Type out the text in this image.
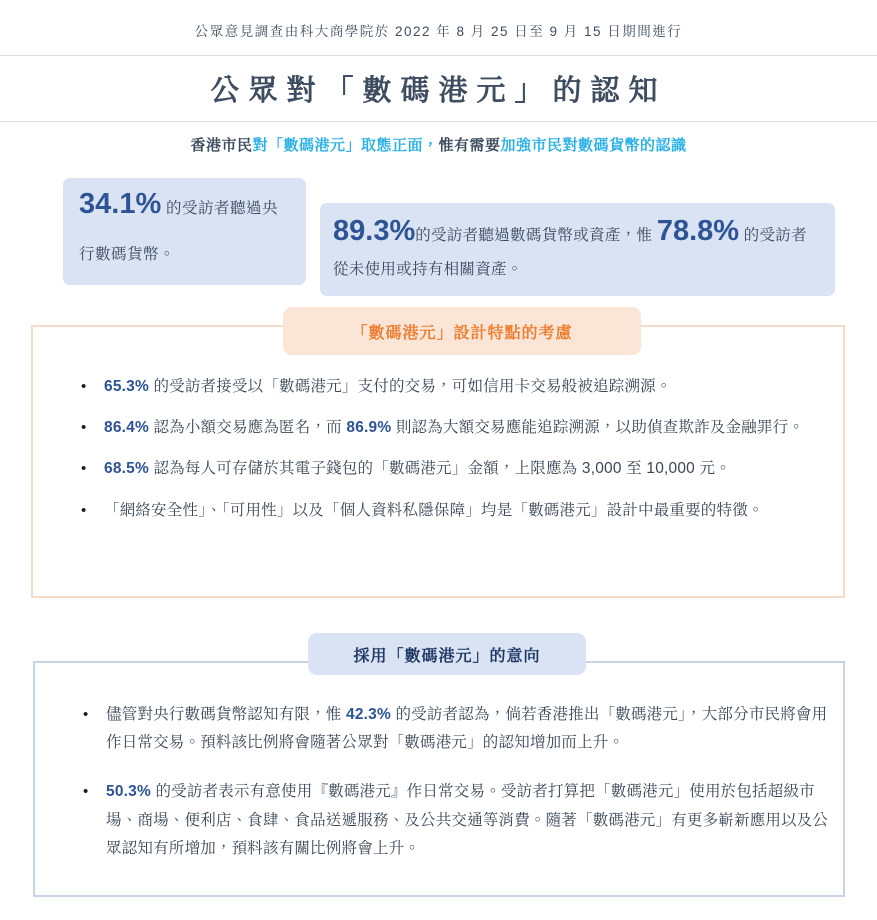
公眾意見調查由科大商學院於 2022 年 8 月 25 日至 9 月 15 日期間進行
公眾對「數碼港元」的認知
香港市民對「數碼港元」取態正面，惟有需要加強市民對數碼貨幣的認識

34.1% 的受訪者聽過央行數碼貨幣。

89.3%的受訪者聽過數碼貨幣或資產，惟 78.8% 的受訪者從未使用或持有相關資產。

「數碼港元」設計特點的考慮
• 65.3% 的受訪者接受以「數碼港元」支付的交易，可如信用卡交易般被追踪溯源。
• 86.4% 認為小額交易應為匿名，而 86.9% 則認為大額交易應能追踪溯源，以助偵查欺詐及金融罪行。
• 68.5% 認為每人可存儲於其電子錢包的「數碼港元」金額，上限應為 3,000 至 10,000 元。
• 「網絡安全性」、「可用性」以及「個人資料私隱保障」均是「數碼港元」設計中最重要的特徵。
採用「數碼港元」的意向
• 儘管對央行數碼貨幣認知有限，惟 42.3% 的受訪者認為，倘若香港推出「數碼港元」，大部分市民將會用作日常交易。預料該比例將會隨著公眾對「數碼港元」的認知增加而上升。
• 50.3% 的受訪者表示有意使用『數碼港元』作日常交易。受訪者打算把「數碼港元」使用於包括超級市場、商場、便利店、食肆、食品送遞服務、及公共交通等消費。隨著「數碼港元」有更多嶄新應用以及公眾認知有所增加，預料該有關比例將會上升。
